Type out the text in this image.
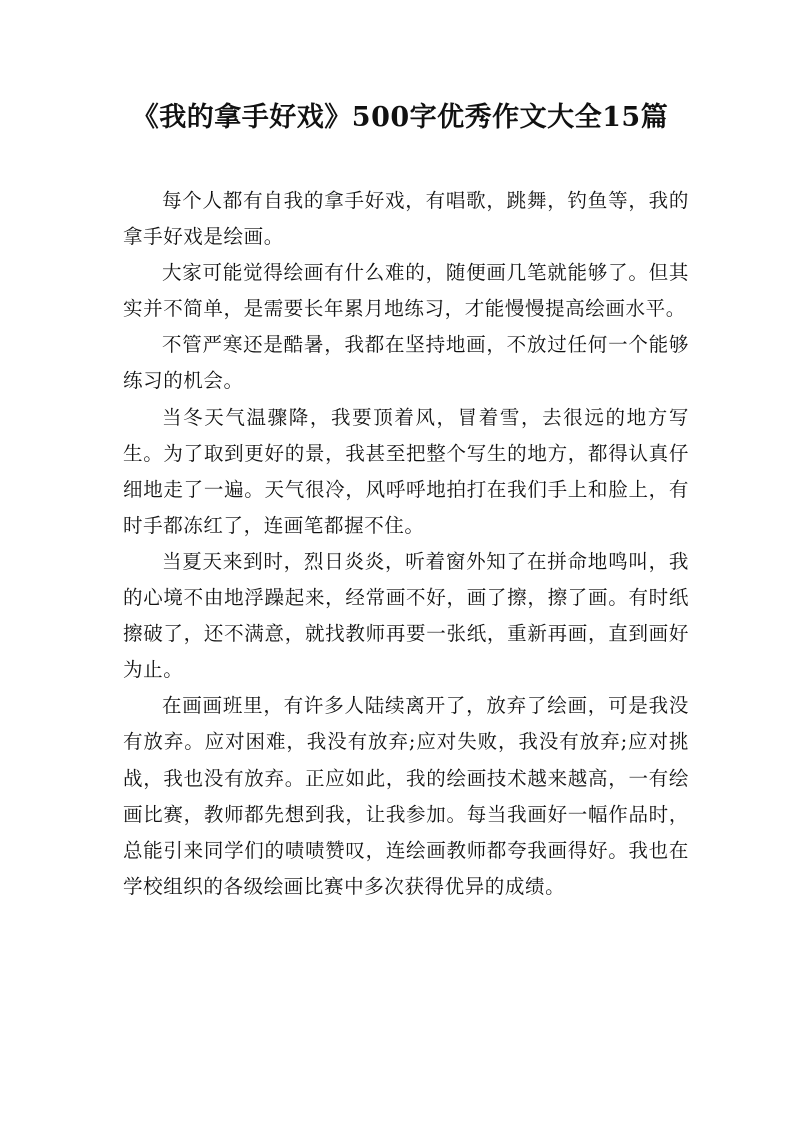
《我的拿手好戏》500字优秀作文大全15篇

每个人都有自我的拿手好戏，有唱歌，跳舞，钓鱼等，我的拿手好戏是绘画。

大家可能觉得绘画有什么难的，随便画几笔就能够了。但其实并不简单，是需要长年累月地练习，才能慢慢提高绘画水平。

不管严寒还是酷暑，我都在坚持地画，不放过任何一个能够练习的机会。

当冬天气温骤降，我要顶着风，冒着雪，去很远的地方写生。为了取到更好的景，我甚至把整个写生的地方，都得认真仔细地走了一遍。天气很冷，风呼呼地拍打在我们手上和脸上，有时手都冻红了，连画笔都握不住。

当夏天来到时，烈日炎炎，听着窗外知了在拼命地鸣叫，我的心境不由地浮躁起来，经常画不好，画了擦，擦了画。有时纸擦破了，还不满意，就找教师再要一张纸，重新再画，直到画好为止。

在画画班里，有许多人陆续离开了，放弃了绘画，可是我没有放弃。应对困难，我没有放弃;应对失败，我没有放弃;应对挑战，我也没有放弃。正应如此，我的绘画技术越来越高，一有绘画比赛，教师都先想到我，让我参加。每当我画好一幅作品时，总能引来同学们的啧啧赞叹，连绘画教师都夸我画得好。我也在学校组织的各级绘画比赛中多次获得优异的成绩。
